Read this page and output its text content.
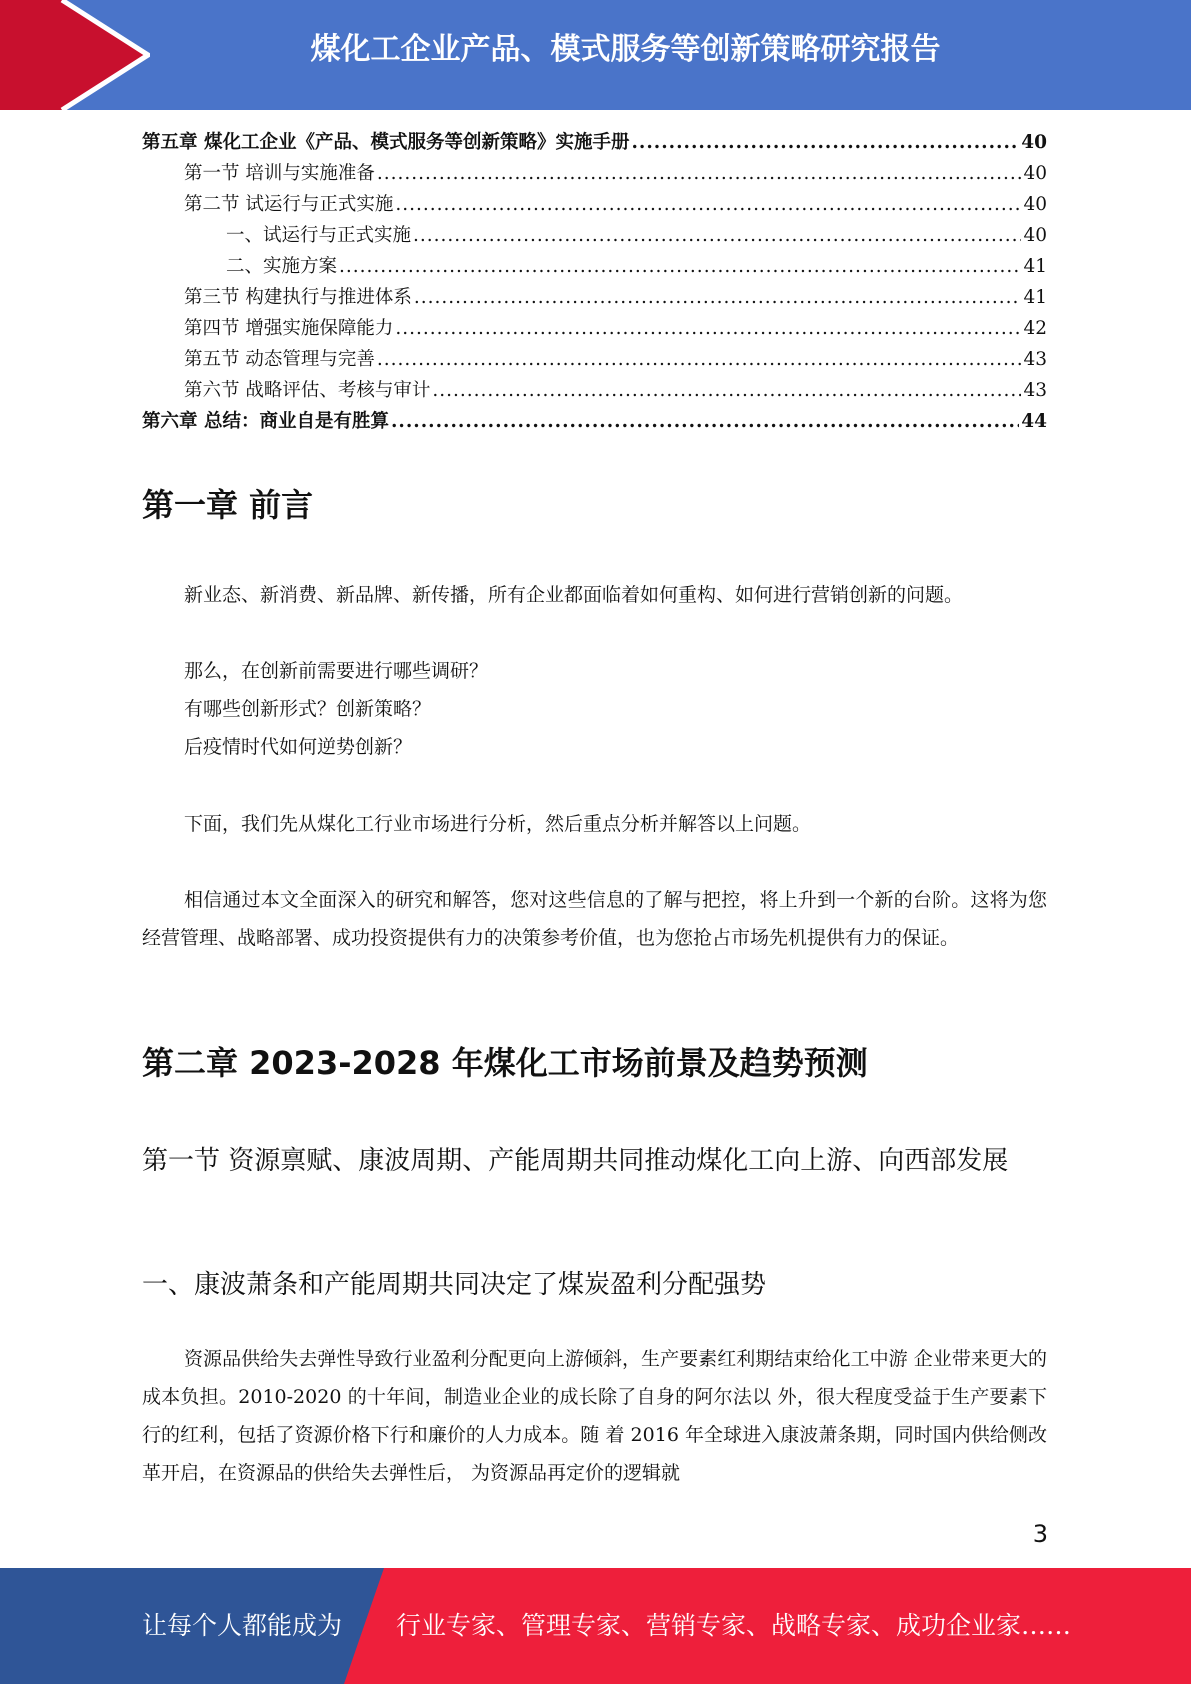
煤化工企业产品、模式服务等创新策略研究报告
第五章 煤化工企业《产品、模式服务等创新策略》实施手册 .....	40
第一节 培训与实施准备 .....	40
第二节 试运行与正式实施 .....	40
一、试运行与正式实施 .....	40
二、实施方案 .....	41
第三节 构建执行与推进体系 .....	41
第四节 增强实施保障能力 .....	42
第五节 动态管理与完善 .....	43
第六节 战略评估、考核与审计 .....	43
第六章 总结：商业自是有胜算 .....	44
第一章 前言
新业态、新消费、新品牌、新传播，所有企业都面临着如何重构、如何进行营销创新的问题。
那么，在创新前需要进行哪些调研？
有哪些创新形式？创新策略？
后疫情时代如何逆势创新？
下面，我们先从煤化工行业市场进行分析，然后重点分析并解答以上问题。
相信通过本文全面深入的研究和解答，您对这些信息的了解与把控，将上升到一个新的台阶。这将为您经营管理、战略部署、成功投资提供有力的决策参考价值，也为您抢占市场先机提供有力的保证。
第二章 2023-2028 年煤化工市场前景及趋势预测
第一节 资源禀赋、康波周期、产能周期共同推动煤化工向上游、向西部发展
一、康波萧条和产能周期共同决定了煤炭盈利分配强势
资源品供给失去弹性导致行业盈利分配更向上游倾斜，生产要素红利期结束给化工中游 企业带来更大的成本负担。2010-2020 的十年间，制造业企业的成长除了自身的阿尔法以 外，很大程度受益于生产要素下行的红利，包括了资源价格下行和廉价的人力成本。随 着 2016 年全球进入康波萧条期，同时国内供给侧改革开启，在资源品的供给失去弹性后， 为资源品再定价的逻辑就
3
让每个人都能成为 行业专家、管理专家、营销专家、战略专家、成功企业家……
